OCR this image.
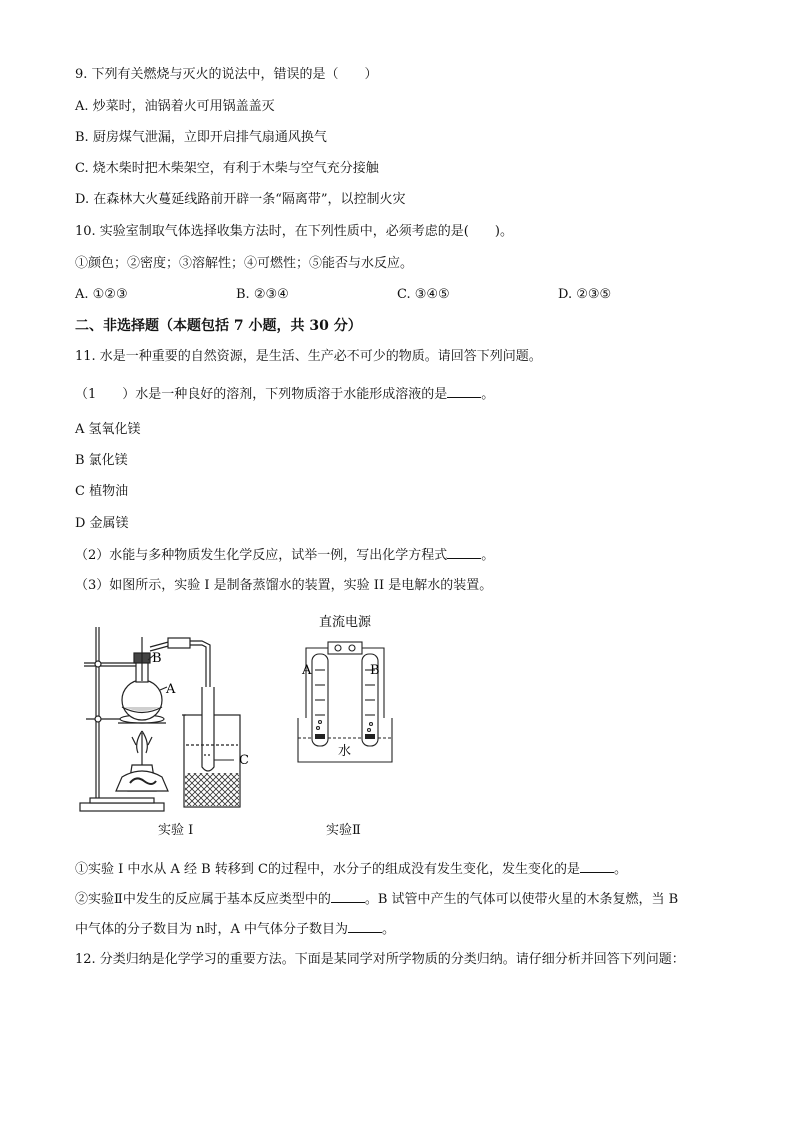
9. 下列有关燃烧与灭火的说法中，错误的是（　　）
A. 炒菜时，油锅着火可用锅盖盖灭
B. 厨房煤气泄漏，立即开启排气扇通风换气
C. 烧木柴时把木柴架空，有利于木柴与空气充分接触
D. 在森林大火蔓延线路前开辟一条“隔离带”，以控制火灾
10. 实验室制取气体选择收集方法时，在下列性质中，必须考虑的是(　　)。
①颜色；②密度；③溶解性；④可燃性；⑤能否与水反应。
A. ①②③	B. ②③④	C. ③④⑤	D. ②③⑤
二、非选择题（本题包括 7 小题，共 30 分）
11. 水是一种重要的自然资源，是生活、生产必不可少的物质。请回答下列问题。
（1　　）水是一种良好的溶剂，下列物质溶于水能形成溶液的是	。
A 氢氧化镁
B 氯化镁
C 植物油
D 金属镁
（2）水能与多种物质发生化学反应，试举一例，写出化学方程式	。
（3）如图所示，实验 I 是制备蒸馏水的装置，实验 II 是电解水的装置。
B
A
C
直流电源
A	B
水
实验 I	实验Ⅱ
①实验 I 中水从 A 经 B 转移到 C的过程中，水分子的组成没有发生变化，发生变化的是	。
②实验Ⅱ中发生的反应属于基本反应类型中的	。B 试管中产生的气体可以使带火星的木条复燃，当 B
中气体的分子数目为 n时，A 中气体分子数目为	。
12. 分类归纳是化学学习的重要方法。下面是某同学对所学物质的分类归纳。请仔细分析并回答下列问题：
